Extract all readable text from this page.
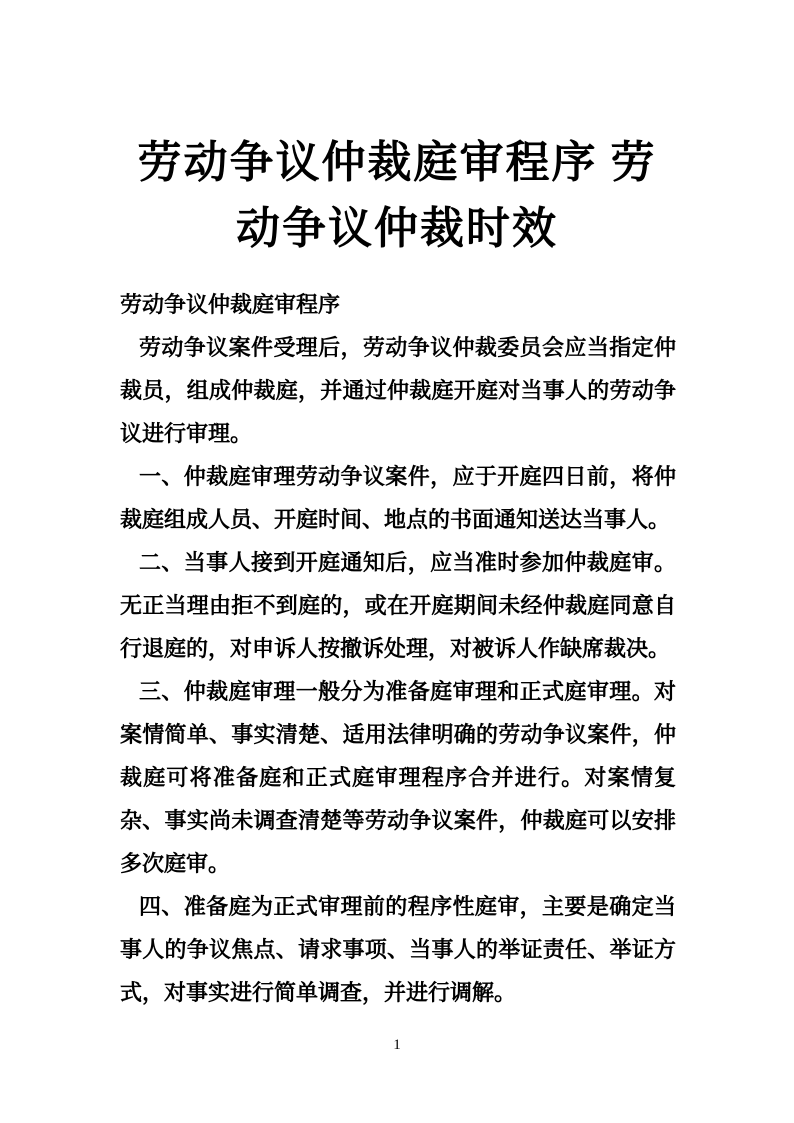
劳动争议仲裁庭审程序 劳
动争议仲裁时效

劳动争议仲裁庭审程序

劳动争议案件受理后，劳动争议仲裁委员会应当指定仲裁员，组成仲裁庭，并通过仲裁庭开庭对当事人的劳动争议进行审理。

一、仲裁庭审理劳动争议案件，应于开庭四日前，将仲裁庭组成人员、开庭时间、地点的书面通知送达当事人。

二、当事人接到开庭通知后，应当准时参加仲裁庭审。无正当理由拒不到庭的，或在开庭期间未经仲裁庭同意自行退庭的，对申诉人按撤诉处理，对被诉人作缺席裁决。

三、仲裁庭审理一般分为准备庭审理和正式庭审理。对案情简单、事实清楚、适用法律明确的劳动争议案件，仲裁庭可将准备庭和正式庭审理程序合并进行。对案情复杂、事实尚未调查清楚等劳动争议案件，仲裁庭可以安排多次庭审。

四、准备庭为正式审理前的程序性庭审，主要是确定当事人的争议焦点、请求事项、当事人的举证责任、举证方式，对事实进行简单调查，并进行调解。

1
